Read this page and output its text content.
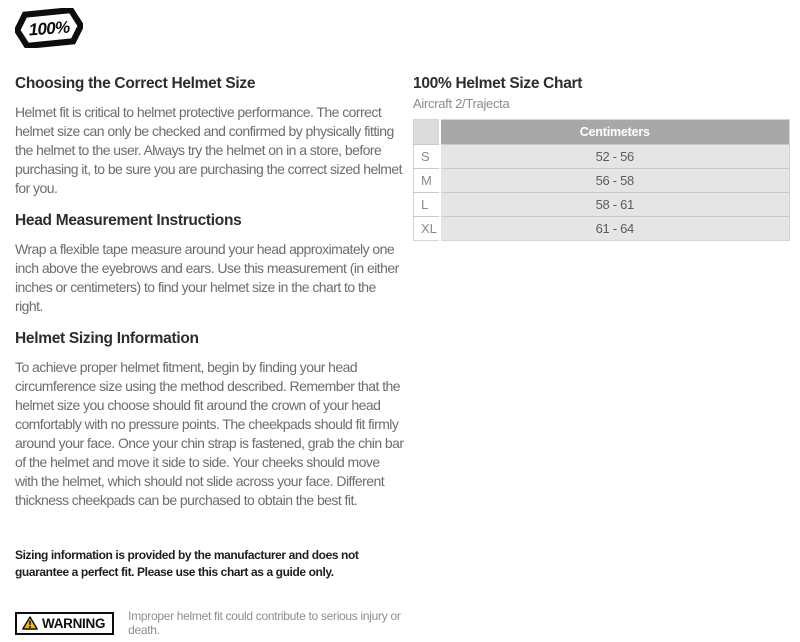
100%
Choosing the Correct Helmet Size

Helmet fit is critical to helmet protective performance. The correct helmet size can only be checked and confirmed by physically fitting the helmet to the user. Always try the helmet on in a store, before purchasing it, to be sure you are purchasing the correct sized helmet for you.

Head Measurement Instructions

Wrap a flexible tape measure around your head approximately one inch above the eyebrows and ears. Use this measurement (in either inches or centimeters) to find your helmet size in the chart to the right.

Helmet Sizing Information

To achieve proper helmet fitment, begin by finding your head circumference size using the method described. Remember that the helmet size you choose should fit around the crown of your head comfortably with no pressure points. The cheekpads should fit firmly around your face. Once your chin strap is fastened, grab the chin bar of the helmet and move it side to side. Your cheeks should move with the helmet, which should not slide across your face. Different thickness cheekpads can be purchased to obtain the best fit.

Sizing information is provided by the manufacturer and does not guarantee a perfect fit. Please use this chart as a guide only.

WARNING Improper helmet fit could contribute to serious injury or death.
100% Helmet Size Chart
Aircraft 2/Trajecta
	Centimeters
S	52 - 56
M	56 - 58
L	58 - 61
XL	61 - 64
